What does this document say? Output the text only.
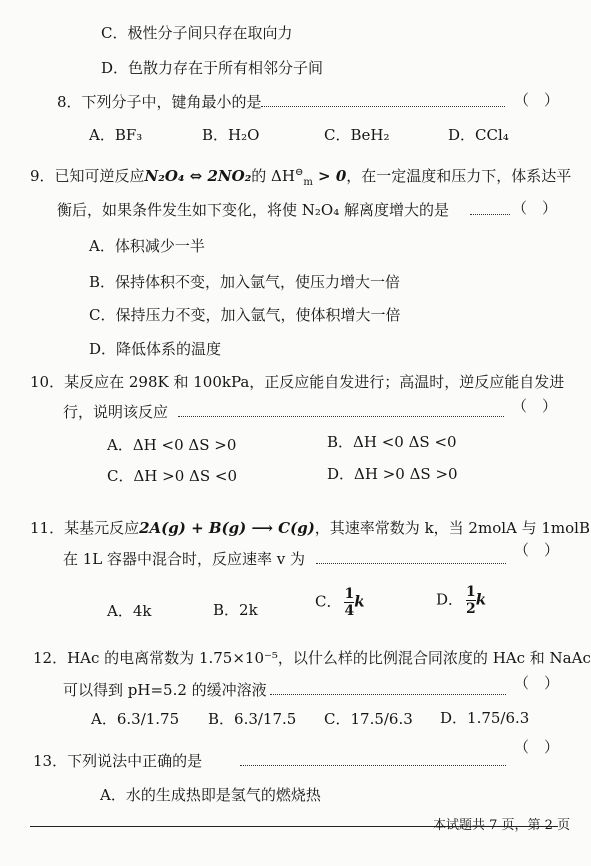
C．极性分子间只存在取向力
D．色散力存在于所有相邻分子间
8．下列分子中，键角最小的是	（　）
A．BF₃	B．H₂O	C．BeH₂	D．CCl₄
9．已知可逆反应N₂O₄ ⇔ 2NO₂的 $\Delta H^⊖_m > 0$，在一定温度和压力下，体系达平
衡后，如果条件发生如下变化，将使 N₂O₄ 解离度增大的是	（　）
A．体积减少一半
B．保持体积不变，加入氩气，使压力增大一倍
C．保持压力不变，加入氩气，使体积增大一倍
D．降低体系的温度
10．某反应在 298K 和 100kPa，正反应能自发进行；高温时，逆反应能自发进
行，说明该反应	（　）
A．ΔH <0 ΔS >0	B．ΔH <0 ΔS <0
C．ΔH >0 ΔS <0	D．ΔH >0 ΔS >0
11．某基元反应2A(g) + B(g) ⟶ C(g)，其速率常数为 k，当 2molA 与 1molB
在 1L 容器中混合时，反应速率 v 为	（　）
A．4k	B．2k	C． $\frac{1}{4}$ k	D． $\frac{1}{2}$ k
12．HAc 的电离常数为 1.75×10⁻⁵，以什么样的比例混合同浓度的 HAc 和 NaAc
可以得到 pH=5.2 的缓冲溶液	（　）
A．6.3/1.75 B．6.3/17.5 C．17.5/6.3 D．1.75/6.3
13．下列说法中正确的是
（　）
A．水的生成热即是氢气的燃烧热
本试题共 7 页，第 2 页
